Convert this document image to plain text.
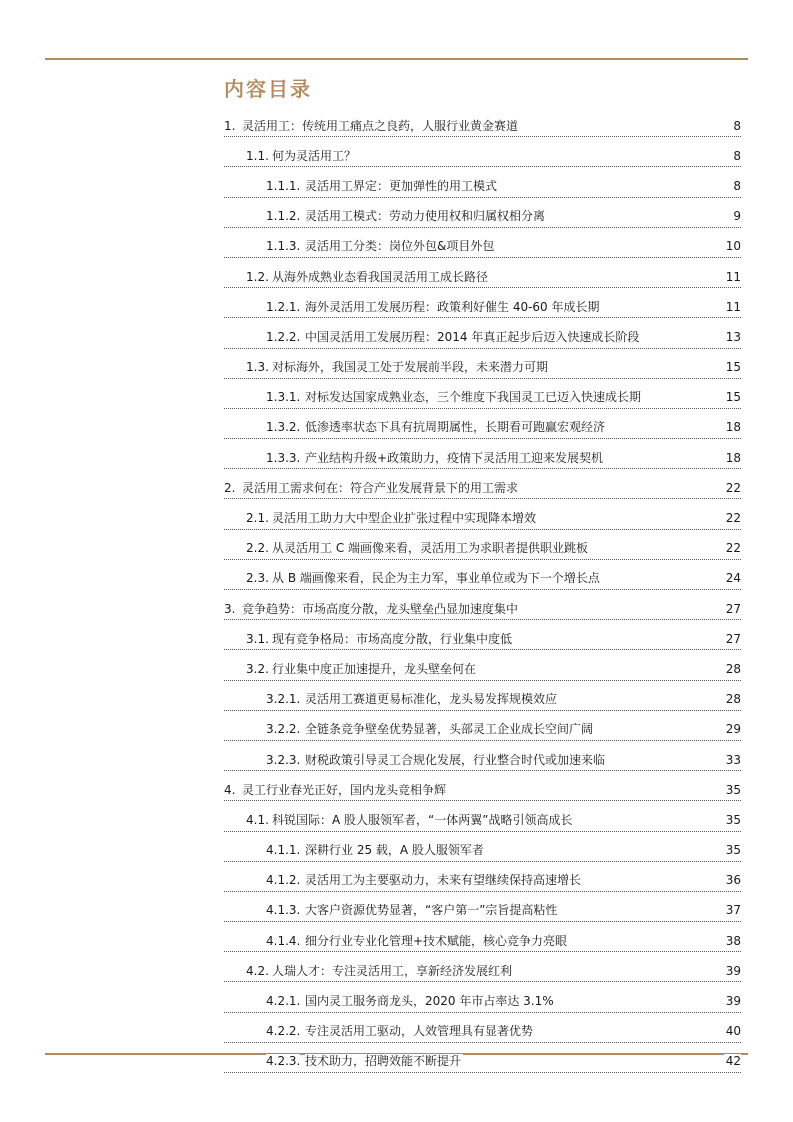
内容目录
1. 灵活用工：传统用工痛点之良药，人服行业黄金赛道	8
1.1. 何为灵活用工？	8
1.1.1. 灵活用工界定：更加弹性的用工模式	8
1.1.2. 灵活用工模式：劳动力使用权和归属权相分离	9
1.1.3. 灵活用工分类：岗位外包&项目外包	10
1.2. 从海外成熟业态看我国灵活用工成长路径	11
1.2.1. 海外灵活用工发展历程：政策利好催生 40-60 年成长期	11
1.2.2. 中国灵活用工发展历程：2014 年真正起步后迈入快速成长阶段	13
1.3. 对标海外，我国灵工处于发展前半段，未来潜力可期	15
1.3.1. 对标发达国家成熟业态，三个维度下我国灵工已迈入快速成长期	15
1.3.2. 低渗透率状态下具有抗周期属性，长期看可跑赢宏观经济	18
1.3.3. 产业结构升级+政策助力，疫情下灵活用工迎来发展契机	18
2. 灵活用工需求何在：符合产业发展背景下的用工需求	22
2.1. 灵活用工助力大中型企业扩张过程中实现降本增效	22
2.2. 从灵活用工 C 端画像来看，灵活用工为求职者提供职业跳板	22
2.3. 从 B 端画像来看，民企为主力军，事业单位或为下一个增长点	24
3. 竞争趋势：市场高度分散，龙头壁垒凸显加速度集中	27
3.1. 现有竞争格局：市场高度分散，行业集中度低	27
3.2. 行业集中度正加速提升，龙头壁垒何在	28
3.2.1. 灵活用工赛道更易标准化，龙头易发挥规模效应	28
3.2.2. 全链条竞争壁垒优势显著，头部灵工企业成长空间广阔	29
3.2.3. 财税政策引导灵工合规化发展，行业整合时代或加速来临	33
4. 灵工行业春光正好，国内龙头竞相争辉	35
4.1. 科锐国际：A 股人服领军者，“一体两翼”战略引领高成长	35
4.1.1. 深耕行业 25 载，A 股人服领军者	35
4.1.2. 灵活用工为主要驱动力，未来有望继续保持高速增长	36
4.1.3. 大客户资源优势显著，“客户第一”宗旨提高粘性	37
4.1.4. 细分行业专业化管理+技术赋能，核心竞争力亮眼	38
4.2. 人瑞人才：专注灵活用工，享新经济发展红利	39
4.2.1. 国内灵工服务商龙头，2020 年市占率达 3.1%	39
4.2.2. 专注灵活用工驱动，人效管理具有显著优势	40
4.2.3. 技术助力，招聘效能不断提升	42
